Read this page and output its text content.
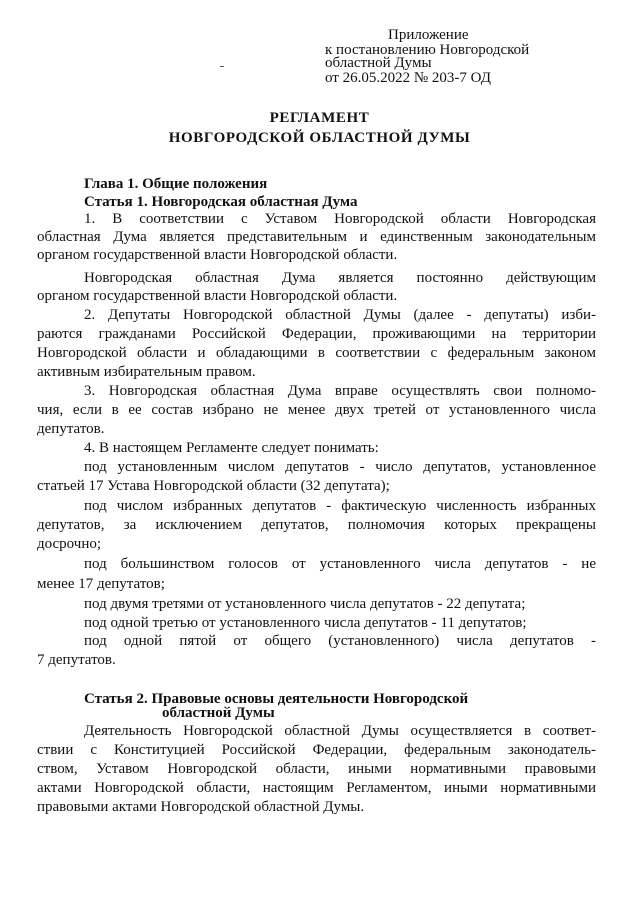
Приложение
к постановлению Новгородской
областной Думы
от 26.05.2022 № 203-7 ОД
РЕГЛАМЕНТ
НОВГОРОДСКОЙ ОБЛАСТНОЙ ДУМЫ
Глава 1. Общие положения
Статья 1. Новгородская областная Дума
1. В соответствии с Уставом Новгородской области Новгородская
областная Дума является представительным и единственным законодательным
органом государственной власти Новгородской области.
Новгородская областная Дума является постоянно действующим
органом государственной власти Новгородской области.
2. Депутаты Новгородской областной Думы (далее - депутаты) изби-
раются гражданами Российской Федерации, проживающими на территории
Новгородской области и обладающими в соответствии с федеральным законом
активным избирательным правом.
3. Новгородская областная Дума вправе осуществлять свои полномо-
чия, если в ее состав избрано не менее двух третей от установленного числа
депутатов.
4. В настоящем Регламенте следует понимать:
под установленным числом депутатов - число депутатов, установленное
статьей 17 Устава Новгородской области (32 депутата);
под числом избранных депутатов - фактическую численность избранных
депутатов, за исключением депутатов, полномочия которых прекращены
досрочно;
под большинством голосов от установленного числа депутатов - не
менее 17 депутатов;
под двумя третями от установленного числа депутатов - 22 депутата;
под одной третью от установленного числа депутатов - 11 депутатов;
под одной пятой от общего (установленного) числа депутатов -
7 депутатов.
Статья 2. Правовые основы деятельности Новгородской
областной Думы
Деятельность Новгородской областной Думы осуществляется в соответ-
ствии с Конституцией Российской Федерации, федеральным законодатель-
ством, Уставом Новгородской области, иными нормативными правовыми
актами Новгородской области, настоящим Регламентом, иными нормативными
правовыми актами Новгородской областной Думы.
